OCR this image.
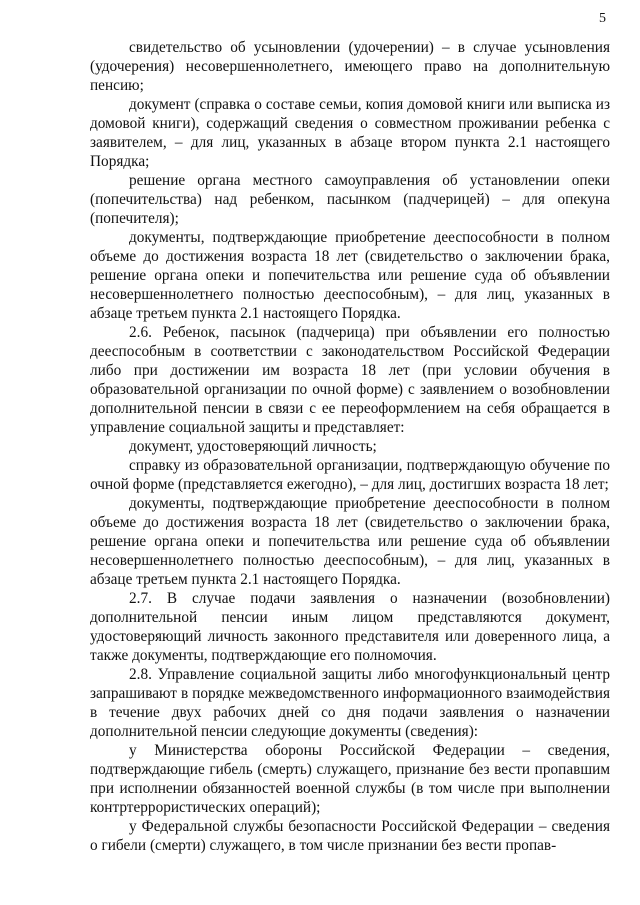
5

свидетельство об усыновлении (удочерении) – в случае усыновления (удочерения) несовершеннолетнего, имеющего право на дополнительную пенсию;

документ (справка о составе семьи, копия домовой книги или выписка из домовой книги), содержащий сведения о совместном проживании ребенка с заявителем, – для лиц, указанных в абзаце втором пункта 2.1 настоящего Порядка;

решение органа местного самоуправления об установлении опеки (попечительства) над ребенком, пасынком (падчерицей) – для опекуна (попечителя);

документы, подтверждающие приобретение дееспособности в полном объеме до достижения возраста 18 лет (свидетельство о заключении брака, решение органа опеки и попечительства или решение суда об объявлении несовершеннолетнего полностью дееспособным), – для лиц, указанных в абзаце третьем пункта 2.1 настоящего Порядка.

2.6. Ребенок, пасынок (падчерица) при объявлении его полностью дееспособным в соответствии с законодательством Российской Федерации либо при достижении им возраста 18 лет (при условии обучения в образовательной организации по очной форме) с заявлением о возобновлении дополнительной пенсии в связи с ее переоформлением на себя обращается в управление социальной защиты и представляет:

документ, удостоверяющий личность;

справку из образовательной организации, подтверждающую обучение по очной форме (представляется ежегодно), – для лиц, достигших возраста 18 лет;

документы, подтверждающие приобретение дееспособности в полном объеме до достижения возраста 18 лет (свидетельство о заключении брака, решение органа опеки и попечительства или решение суда об объявлении несовершеннолетнего полностью дееспособным), – для лиц, указанных в абзаце третьем пункта 2.1 настоящего Порядка.

2.7. В случае подачи заявления о назначении (возобновлении) дополнительной пенсии иным лицом представляются документ, удостоверяющий личность законного представителя или доверенного лица, а также документы, подтверждающие его полномочия.

2.8. Управление социальной защиты либо многофункциональный центр запрашивают в порядке межведомственного информационного взаимодействия в течение двух рабочих дней со дня подачи заявления о назначении дополнительной пенсии следующие документы (сведения):

у Министерства обороны Российской Федерации – сведения, подтверждающие гибель (смерть) служащего, признание без вести пропавшим при исполнении обязанностей военной службы (в том числе при выполнении контртеррористических операций);

у Федеральной службы безопасности Российской Федерации – сведения о гибели (смерти) служащего, в том числе признании без вести пропав-
